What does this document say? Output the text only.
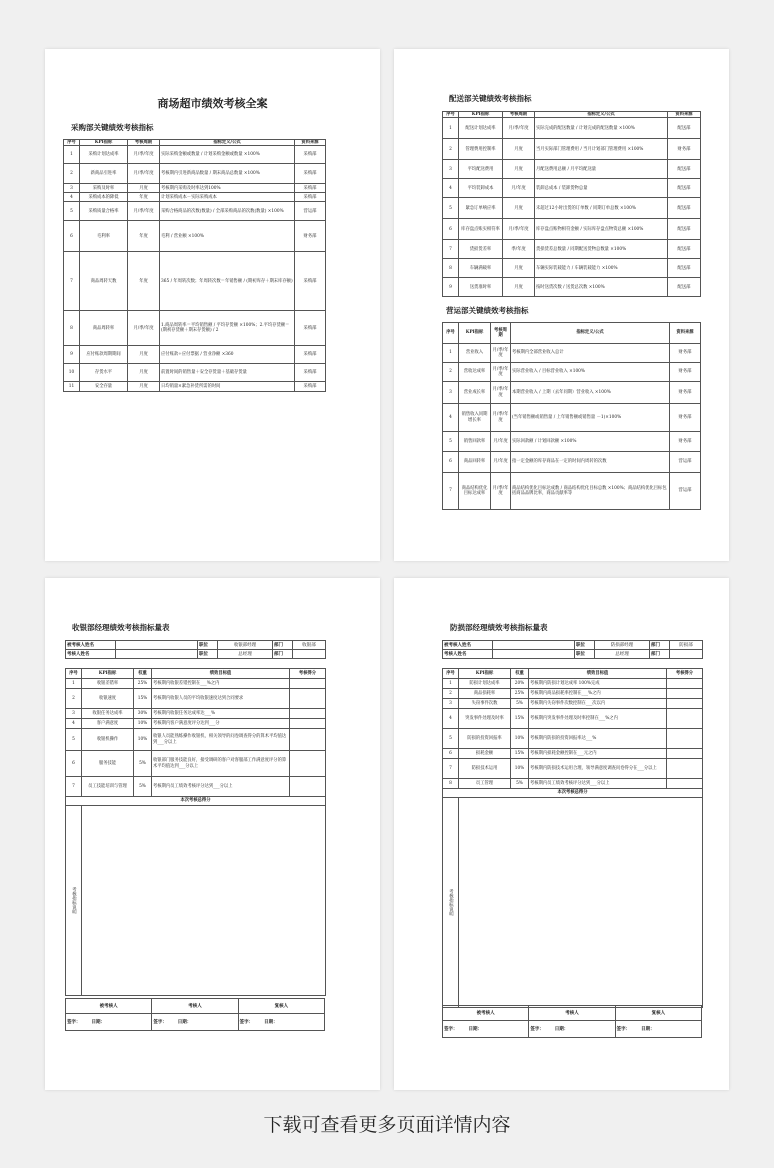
商场超市绩效考核全案
采购部关键绩效考核指标
序号	KPI指标	考核周期	指标定义/公式	资料来源
1	采购计划达成率	月/季/年度	实际采购金额或数量 / 计划采购金额或数量 ×100%	采购部
2	新商品引进率	月/季/年度	考核期内引进新商品数量 / 期末商品总数量 ×100%	采购部
3	采购及时率	月度	考核期内采购及时率达到100%	采购部
4	采购成本的降低	年度	计划采购成本－实际采购成本	采购部
5	采购质量合格率	月/季/年度	采购合格商品的次数(数量) / 全部采购商品的次数(数量) ×100%	营运部
6	毛利率	年度	毛利 / 营业额 ×100%	财务部
7	商品周转天数	年度	365 / 年周转次数；年周转次数＝年销售额 / (期初库存＋期末库存额)	采购部
8	商品周转率	月/季/年度	1.商品周转率＝平均销售额 / 平均存货额 ×100%；2.平均存货额＝(期初存货额＋期末存货额) / 2	采购部
9	应付账款周期期间	月度	应付账款÷应付票据 / 营业净额 ×360	采购部
10	存货水平	月度	前置时间的销售量＋安全存货量＋基础存货量	采购部
11	安全存量	月度	日均销量×紧急补货所需的时间	采购部
配送部关键绩效考核指标
序号	KPI指标	考核周期	指标定义/公式	资料来源
1	配送计划达成率	月/季/年度	实际完成的配送数量 / 计划完成的配送数量 ×100%	配送部
2	管理费用控制率	月度	当月实际部门管理费用 / 当月计划部门管理费用 ×100%	财务部
3	平均配送费用	月度	月配送费用总额 / 月平均配送量	配送部
4	平均装卸成本	月/年度	装卸总成本 / 装卸货物总量	配送部
5	紧急订单响应率	月度	未超过12小时出货的订单数 / 同期订单总数 ×100%	配送部
6	库存盘点账实相符率	月/季/年度	库存盘点账物相符金额 / 实际库存盘点物资总额 ×100%	配送部
7	货损货差率	季/年度	货损货差总数量 / 同期配送货物总数量 ×100%	配送部
8	车辆满载率	月度	车辆实际装载能力 / 车辆装载能力 ×100%	配送部
9	送货准时率	月度	按时送货次数 / 送货总次数 ×100%	配送部
营运部关键绩效考核指标
序号	KPI指标	考核周期	指标定义/公式	资料来源
1	营业收入	月/季/年度	考核期内全部营业收入总计	财务部
2	营收达成率	月/季/年度	实际营业收入 / 目标营业收入 ×100%	财务部
3	营业成长率	月/季/年度	本期营业收入 / 上期（去年同期）营业收入 ×100%	财务部
4	销售收入同期增长率	月/季/年度	(当年销售额或销售量 / 上年销售额或销售量 －1)×100%	财务部
5	销售回款率	月/年度	实际回款额 / 计划回款额 ×100%	财务部
6	商品回转率	月/年度	指一定金额的库存商品在一定的时间内周转的次数	营运部
7	商品结构优化目标达成率	月/季/年度	商品结构优化目标达成数 / 商品结构优化目标总数 ×100%；商品结构优化目标包括商品品牌比率，商品贡献率等	营运部
收银部经理绩效考核指标量表
被考核人姓名		职位	收银部经理	部门	收银部
考核人姓名		职位	总经理	部门	
序号	KPI指标	权重	绩效目标值	考核得分
1	收银差错率	25%	考核期内收银差错控制在___%之内	
2	收银速度	15%	考核期内收银人员的平均收银速度达到合同要求	
3	收银任务达成率	30%	考核期内收银任务达成率达___%	
4	客户满意度	10%	考核期内客户满意度评分达到___分	
5	收银机操作	10%	收银人员能熟练操作收银机，相关领导的问卷调查得分的算术平均值达到___分以上	
6	服务技能	5%	收银部门服务技能良好，接受调研的客户对客服部工作满意度评分的算术平均值达到___分以上	
7	员工技能培训与管理	5%	考核期内员工绩效考核评分达到___分以上	
本次考核总得分				
考核指标说明				
被考核人	考核人	复核人
签字： 日期：	签字： 日期：	签字： 日期：
防损部经理绩效考核指标量表
被考核人姓名		职位	防损部经理	部门	防损部
考核人姓名		职位	总经理	部门	
序号	KPI指标	权重	绩效目标值	考核得分
1	防损计划达成率	20%	考核期内防损计划达成率 100%完成	
2	商品损耗率	25%	考核期内商品损耗率控制在___%之内	
3	失窃事件次数	5%	考核期内失窃事件次数控制在___次以内	
4	突发事件处理及时率	15%	考核期内突发事件处理及时率控制在___%之内	
5	防损的投资回报率	10%	考核期内防损的投资回报率达___%	
6	损耗金额	15%	考核期内损耗金额控制在___元之内	
7	防损技术运用	10%	考核期内防损技术运用合理，领导满意度调查问卷得分在___分以上	
8	员工管理	5%	考核期内员工绩效考核评分达到___分以上	
本次考核总得分				
考核指标说明				
被考核人	考核人	复核人
签字： 日期：	签字： 日期：	签字： 日期：
下载可查看更多页面详情内容
